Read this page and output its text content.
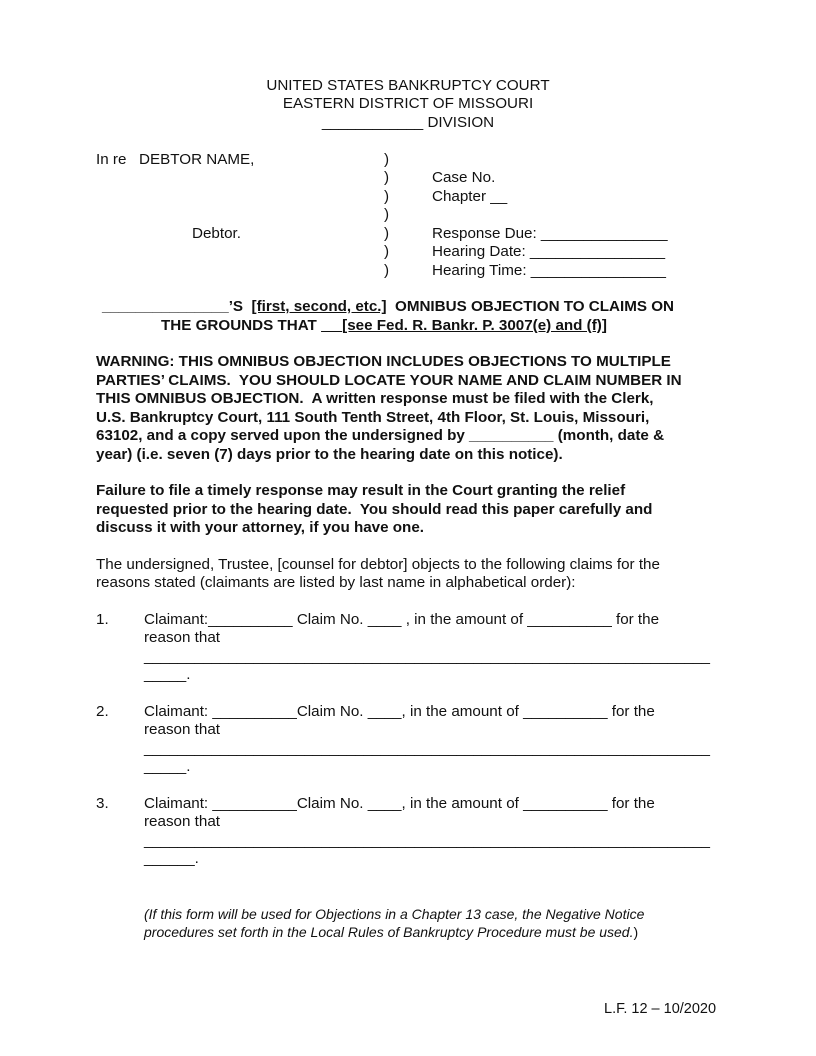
UNITED STATES BANKRUPTCY COURT
EASTERN DISTRICT OF MISSOURI
____________ DIVISION
In re   DEBTOR NAME,
Debtor.
)
)
)
)
)
)
)
Case No.
Chapter __
Response Due: _______________
Hearing Date: ________________
Hearing Time: ________________
_______________’S [first, second, etc.] OMNIBUS OBJECTION TO CLAIMS ON
THE GROUNDS THAT [see Fed. R. Bankr. P. 3007(e) and (f)]
WARNING: THIS OMNIBUS OBJECTION INCLUDES OBJECTIONS TO MULTIPLE
PARTIES’ CLAIMS.  YOU SHOULD LOCATE YOUR NAME AND CLAIM NUMBER IN
THIS OMNIBUS OBJECTION.  A written response must be filed with the Clerk,
U.S. Bankruptcy Court, 111 South Tenth Street, 4th Floor, St. Louis, Missouri,
63102, and a copy served upon the undersigned by __________ (month, date &
year) (i.e. seven (7) days prior to the hearing date on this notice).
Failure to file a timely response may result in the Court granting the relief
requested prior to the hearing date.  You should read this paper carefully and
discuss it with your attorney, if you have one.
The undersigned, Trustee, [counsel for debtor] objects to the following claims for the
reasons stated (claimants are listed by last name in alphabetical order):
1. Claimant:__________ Claim No. ____ , in the amount of __________ for the
reason that
___________________________________________________________________
_____.
2. Claimant: __________Claim No. ____, in the amount of __________ for the
reason that
___________________________________________________________________
_____.
3. Claimant: __________Claim No. ____, in the amount of __________ for the
reason that
___________________________________________________________________
______.
(If this form will be used for Objections in a Chapter 13 case, the Negative Notice
procedures set forth in the Local Rules of Bankruptcy Procedure must be used.)
L.F. 12 – 10/2020
